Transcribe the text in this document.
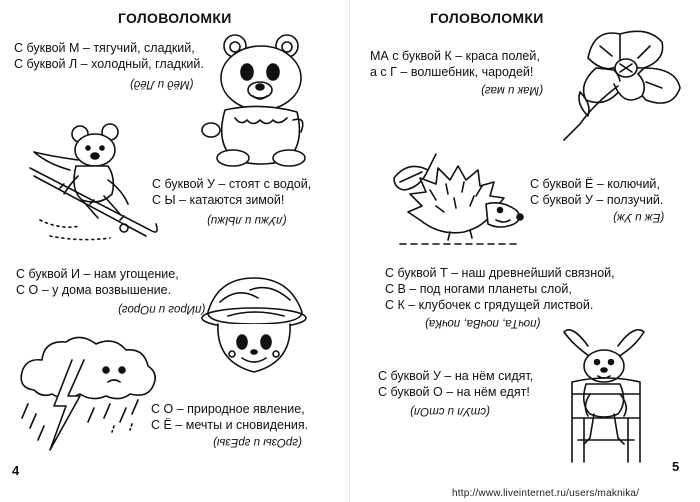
ГОЛОВОЛОМКИ
С буквой М – тягучий, сладкий,
С буквой Л – холодный, гладкий.
(Мёд и Лёд)
С буквой У – стоят с водой,
С Ы – катаются зимой!
(лУжи и лЫжи)
С буквой И – нам угощение,
С О – у дома возвышение.
(пИрог и пОрог)
С О – природное явление,
С Ё – мечты и сновидения.
(грОзы и грЁзы)
4
ГОЛОВОЛОМКИ
МА с буквой К – краса полей,
а с Г – волшебник, чародей!
(Мак и маг)
С буквой Ё – колючий,
С буквой У – ползучий.
(Ёж и Уж)
С буквой Т – наш древнейший связной,
С В – под ногами планеты слой,
С К – клубочек с грядущей листвой.
(почТа, почВа, почКа)
С буквой У – на нём сидят,
С буквой О – на нём едят!
(стУл и стОл)
5
http://www.liveinternet.ru/users/maknika/
